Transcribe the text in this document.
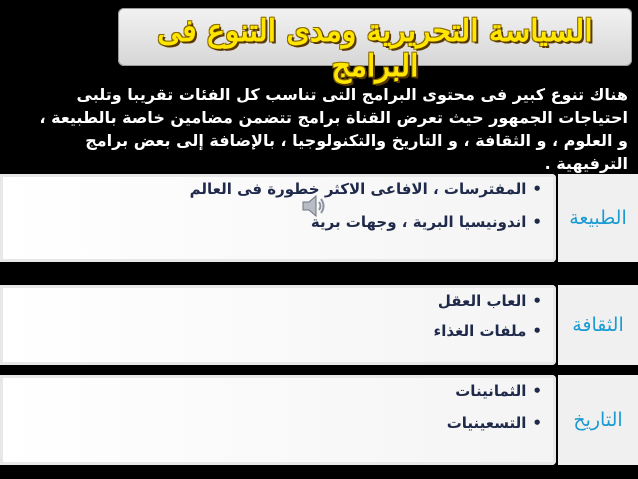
السياسة التحريرية ومدى التنوع فى البرامج
هناك تنوع كبير فى محتوى البرامج التى تناسب كل الفئات تقريبا وتلبى
احتياجات الجمهور حيث تعرض القناة برامج تتضمن مضامين خاصة بالطبيعة ،
و العلوم ، و الثقافة ، و التاريخ والتكنولوجيا ، بالإضافة إلى بعض برامج
الترفيهية .
الطبيعة
•المفترسات ، الافاعى الاكثر خطورة فى العالم
•اندونيسيا البرية ، وجهات برية
الثقافة
•العاب العقل
•ملفات الغذاء
التاريخ
•الثمانينات
•التسعينيات
